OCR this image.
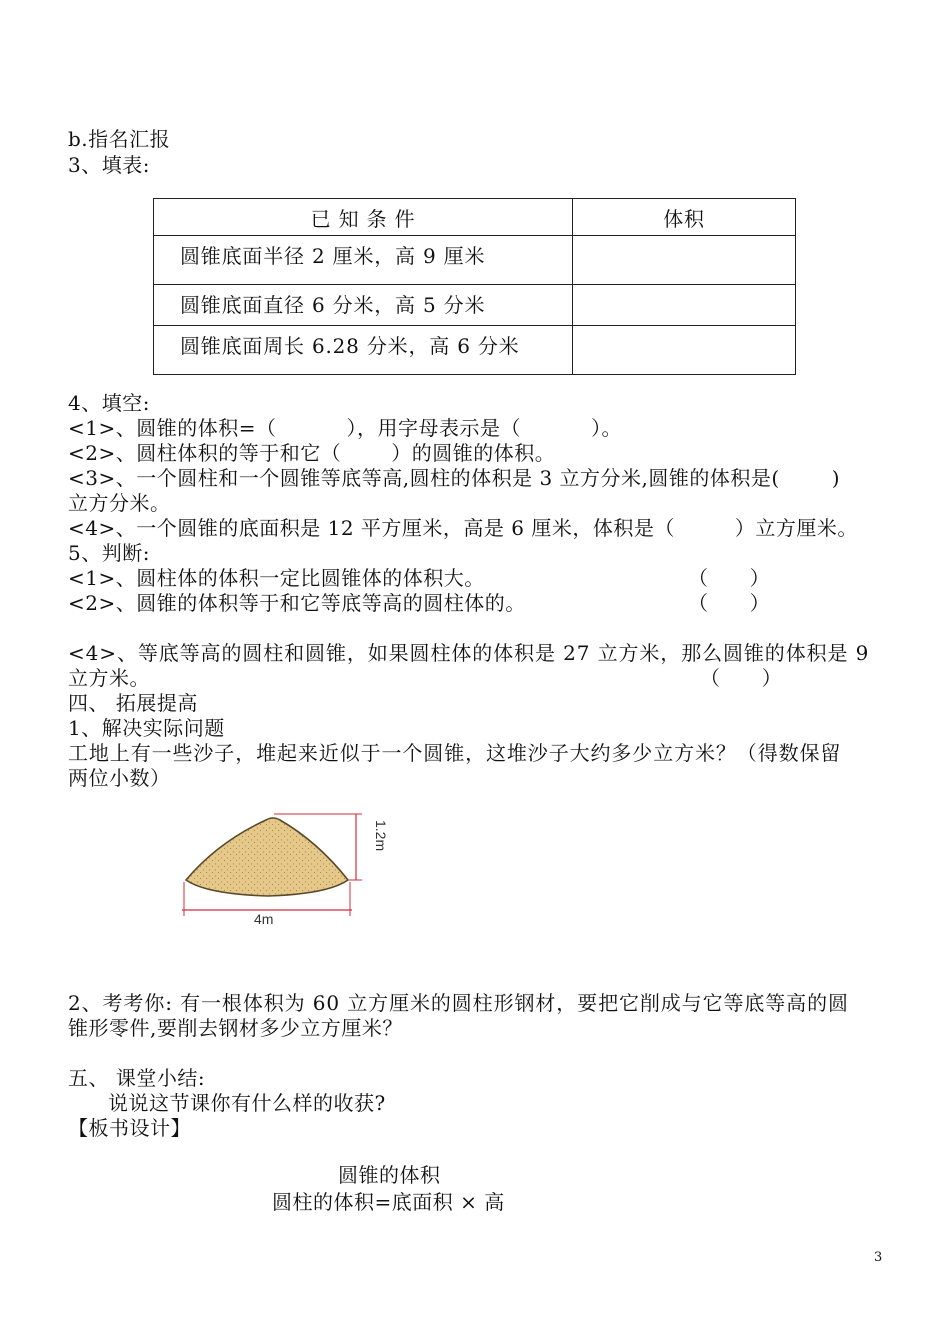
b.指名汇报
3、填表:
已 知 条 件	体积
圆锥底面半径 2 厘米，高 9 厘米	
圆锥底面直径 6 分米，高 5 分米	
圆锥底面周长 6.28 分米，高 6 分米	
4、填空:
<1>、圆锥的体积=（	），用字母表示是（	）。
<2>、圆柱体积的等于和它（	）的圆锥的体积。
<3>、一个圆柱和一个圆锥等底等高,圆柱的体积是 3 立方分米,圆锥的体积是(	)
立方分米。
<4>、一个圆锥的底面积是 12 平方厘米，高是 6 厘米，体积是（	）立方厘米。
5、判断:
<1>、圆柱体的体积一定比圆锥体的体积大。	（      ）
<2>、圆锥的体积等于和它等底等高的圆柱体的。	（      ）
<4>、等底等高的圆柱和圆锥，如果圆柱体的体积是 27 立方米，那么圆锥的体积是 9
立方米。	（      ）
四、 拓展提高
1、解决实际问题
工地上有一些沙子，堆起来近似于一个圆锥，这堆沙子大约多少立方米？（得数保留
两位小数）
4m
1.2m
2、考考你: 有一根体积为 60 立方厘米的圆柱形钢材，要把它削成与它等底等高的圆
锥形零件,要削去钢材多少立方厘米？
五、 课堂小结:
说说这节课你有什么样的收获?
【板书设计】
圆锥的体积
圆柱的体积=底面积 × 高
3
